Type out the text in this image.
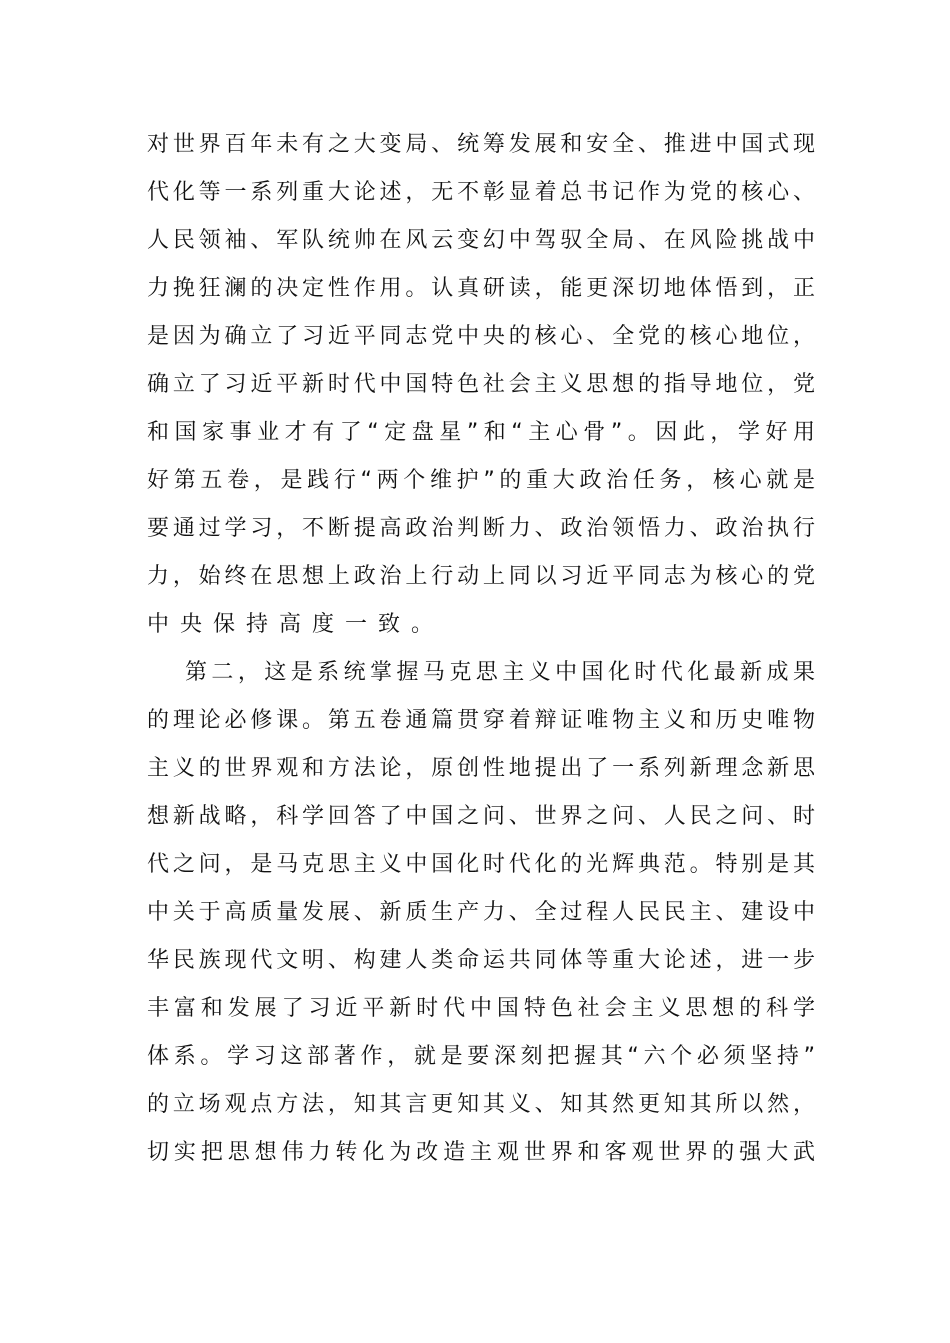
对世界百年未有之大变局、统筹发展和安全、推进中国式现
代化等一系列重大论述，无不彰显着总书记作为党的核心、
人民领袖、军队统帅在风云变幻中驾驭全局、在风险挑战中
力挽狂澜的决定性作用。认真研读，能更深切地体悟到，正
是因为确立了习近平同志党中央的核心、全党的核心地位，
确立了习近平新时代中国特色社会主义思想的指导地位，党
和国家事业才有了“定盘星”和“主心骨”。因此，学好用
好第五卷，是践行“两个维护”的重大政治任务，核心就是
要通过学习，不断提高政治判断力、政治领悟力、政治执行
力，始终在思想上政治上行动上同以习近平同志为核心的党
中央保持高度一致。
第二，这是系统掌握马克思主义中国化时代化最新成果
的理论必修课。第五卷通篇贯穿着辩证唯物主义和历史唯物
主义的世界观和方法论，原创性地提出了一系列新理念新思
想新战略，科学回答了中国之问、世界之问、人民之问、时
代之问，是马克思主义中国化时代化的光辉典范。特别是其
中关于高质量发展、新质生产力、全过程人民民主、建设中
华民族现代文明、构建人类命运共同体等重大论述，进一步
丰富和发展了习近平新时代中国特色社会主义思想的科学
体系。学习这部著作，就是要深刻把握其“六个必须坚持”
的立场观点方法，知其言更知其义、知其然更知其所以然，
切实把思想伟力转化为改造主观世界和客观世界的强大武
